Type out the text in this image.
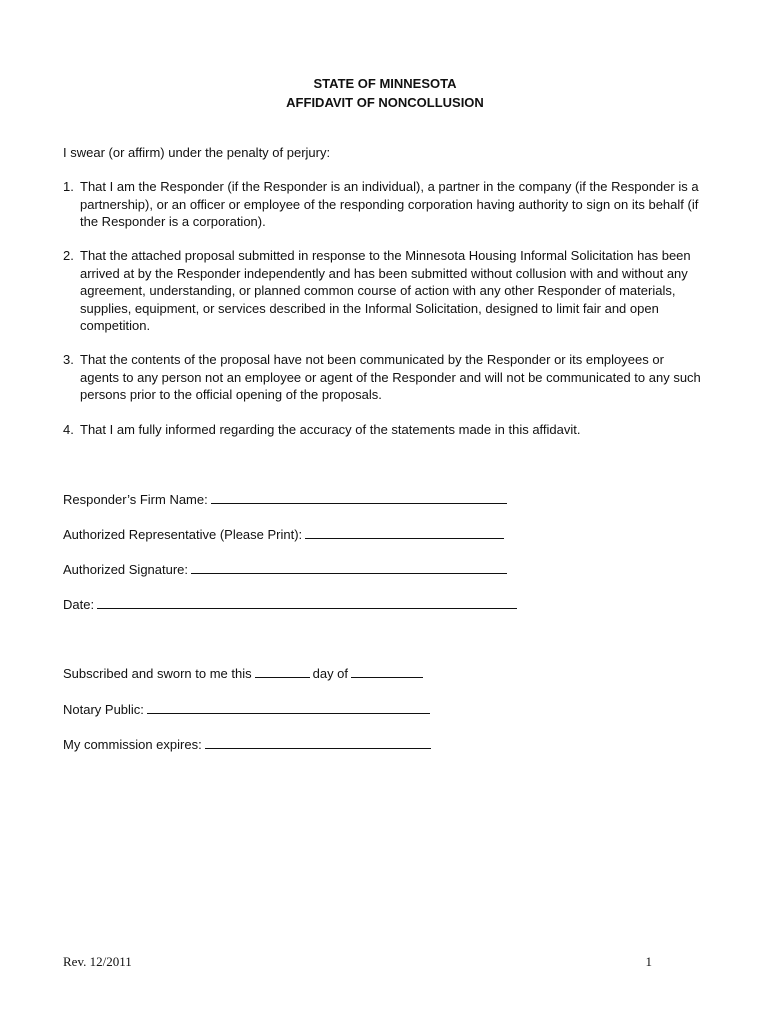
STATE OF MINNESOTA
AFFIDAVIT OF NONCOLLUSION
I swear (or affirm) under the penalty of perjury:
1. That I am the Responder (if the Responder is an individual), a partner in the company (if the Responder is a partnership), or an officer or employee of the responding corporation having authority to sign on its behalf (if the Responder is a corporation).
2. That the attached proposal submitted in response to the Minnesota Housing Informal Solicitation has been arrived at by the Responder independently and has been submitted without collusion with and without any agreement, understanding, or planned common course of action with any other Responder of materials, supplies, equipment, or services described in the Informal Solicitation, designed to limit fair and open competition.
3. That the contents of the proposal have not been communicated by the Responder or its employees or agents to any person not an employee or agent of the Responder and will not be communicated to any such persons prior to the official opening of the proposals.
4. That I am fully informed regarding the accuracy of the statements made in this affidavit.
Responder’s Firm Name:
Authorized Representative (Please Print):
Authorized Signature:
Date:
Subscribed and sworn to me this	day of
Notary Public:
My commission expires:
Rev. 12/2011	1
